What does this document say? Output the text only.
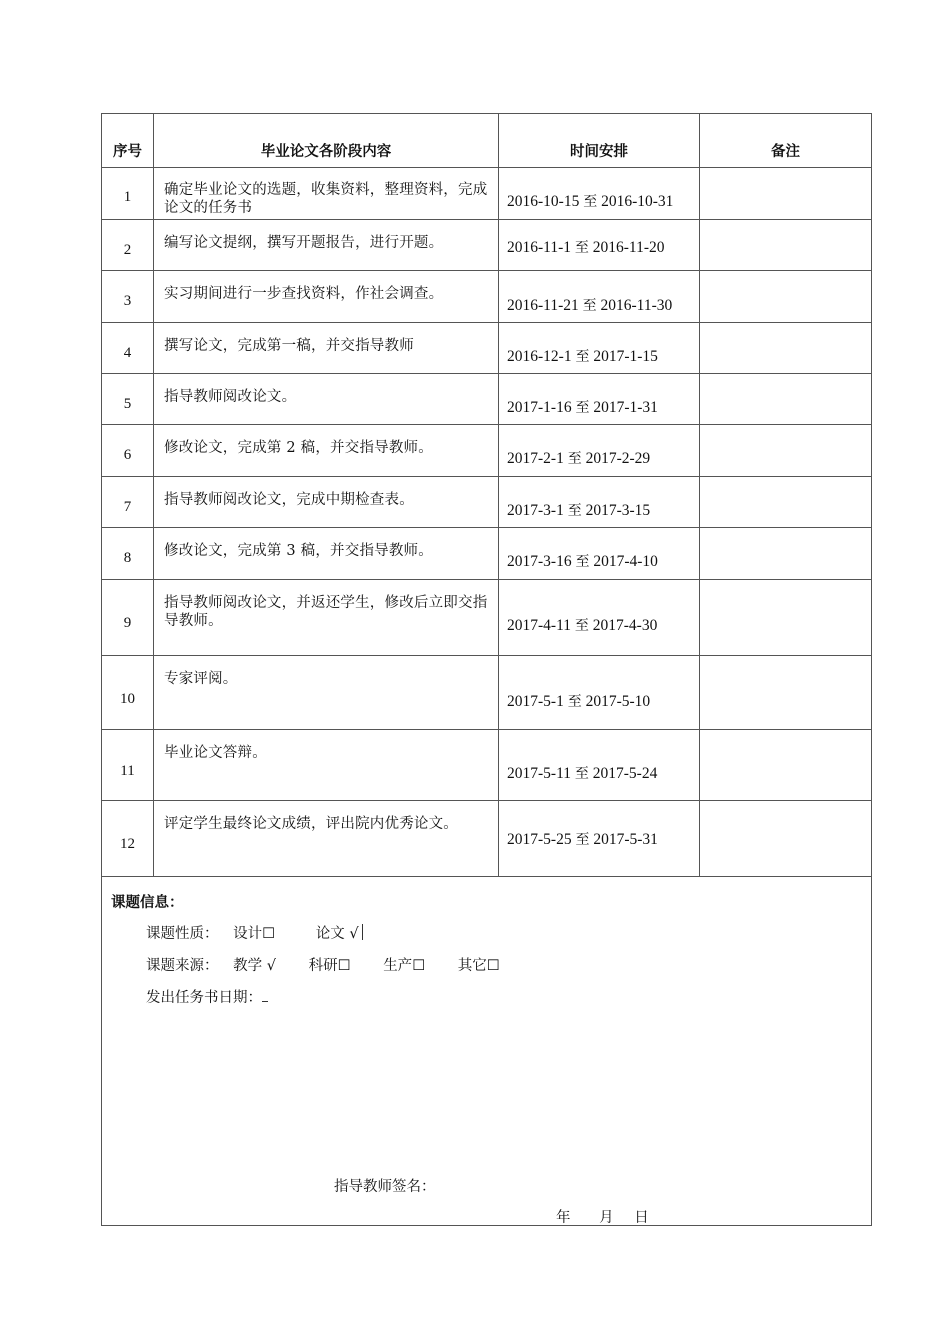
序号	毕业论文各阶段内容	时间安排	备注

1	确定毕业论文的选题，收集资料，整理资料，完成论文的任务书	2016-10-15 至 2016-10-31	

2	编写论文提纲，撰写开题报告，进行开题。	2016-11-1 至 2016-11-20	

3	实习期间进行一步查找资料，作社会调查。	2016-11-21 至 2016-11-30	

4	撰写论文，完成第一稿，并交指导教师	2016-12-1 至 2017-1-15	

5	指导教师阅改论文。	2017-1-16 至 2017-1-31	

6	修改论文，完成第 2 稿，并交指导教师。	2017-2-1 至 2017-2-29	

7	指导教师阅改论文，完成中期检查表。	2017-3-1 至 2017-3-15	

8	修改论文，完成第 3 稿，并交指导教师。	2017-3-16 至 2017-4-10	

9	指导教师阅改论文，并返还学生，修改后立即交指导教师。	2017-4-11 至 2017-4-30	

10	专家评阅。	2017-5-1 至 2017-5-10	

11	毕业论文答辩。	2017-5-11 至 2017-5-24	

12	评定学生最终论文成绩，评出院内优秀论文。	2017-5-25 至 2017-5-31	

课题信息：
课题性质： 设计☐	论文 √
课题来源： 教学 √ 科研☐ 生产☐ 其它☐
发出任务书日期：
指导教师签名：
年 月 日
